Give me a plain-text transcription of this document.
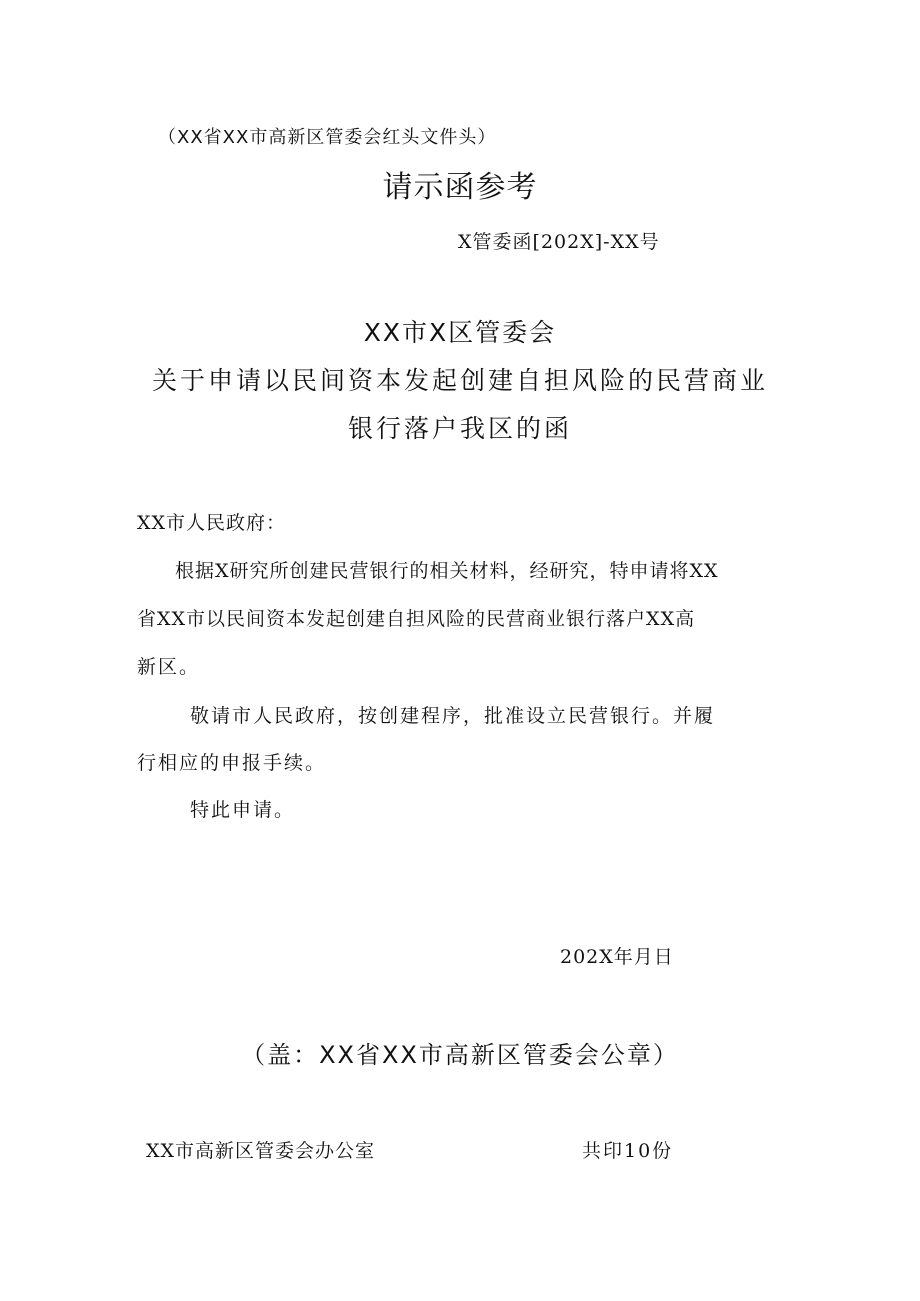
（XX省XX市高新区管委会红头文件头）
请示函参考
X管委函[202X]-XX号
XX市X区管委会
关于申请以民间资本发起创建自担风险的民营商业
银行落户我区的函
XX市人民政府：
根据X研究所创建民营银行的相关材料，经研究，特申请将XX
省XX市以民间资本发起创建自担风险的民营商业银行落户XX高
新区。
敬请市人民政府，按创建程序，批准设立民营银行。并履
行相应的申报手续。
特此申请。
202X年月日
（盖：XX省XX市高新区管委会公章）
XX市高新区管委会办公室	共印10份
